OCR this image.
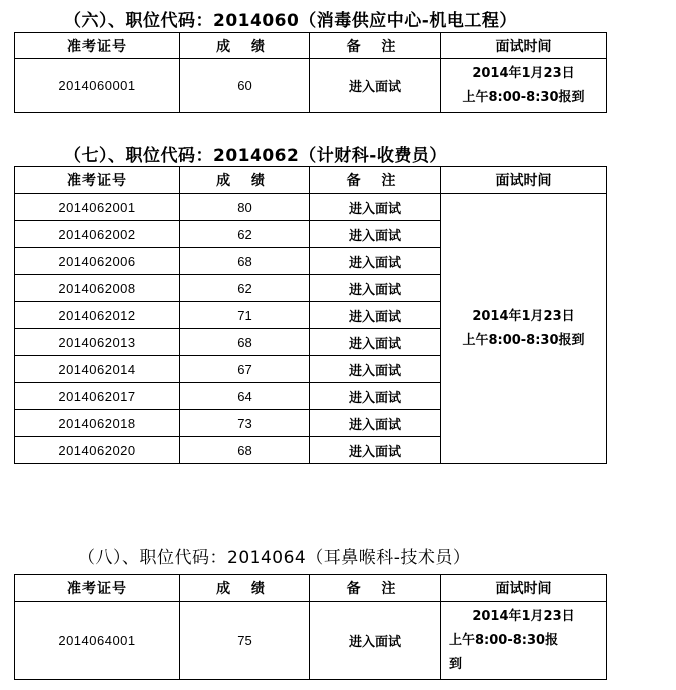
（六）、职位代码：2014060（消毒供应中心-机电工程）
准考证号	成 绩	备 注	面试时间
2014060001	60	进入面试	2014年1月23日
上午8:00-8:30报到
（七）、职位代码：2014062（计财科-收费员）
准考证号	成 绩	备 注	面试时间
2014062001	80	进入面试	2014年1月23日
上午8:00-8:30报到

2014062002	62	进入面试	
2014062006	68	进入面试	
2014062008	62	进入面试	
2014062012	71	进入面试	
2014062013	68	进入面试	
2014062014	67	进入面试	
2014062017	64	进入面试	
2014062018	73	进入面试	
2014062020	68	进入面试	
（八）、职位代码：2014064（耳鼻喉科-技术员）
准考证号	成 绩	备 注	面试时间
2014064001	75	进入面试	2014年1月23日
上午8:00-8:30报
到
